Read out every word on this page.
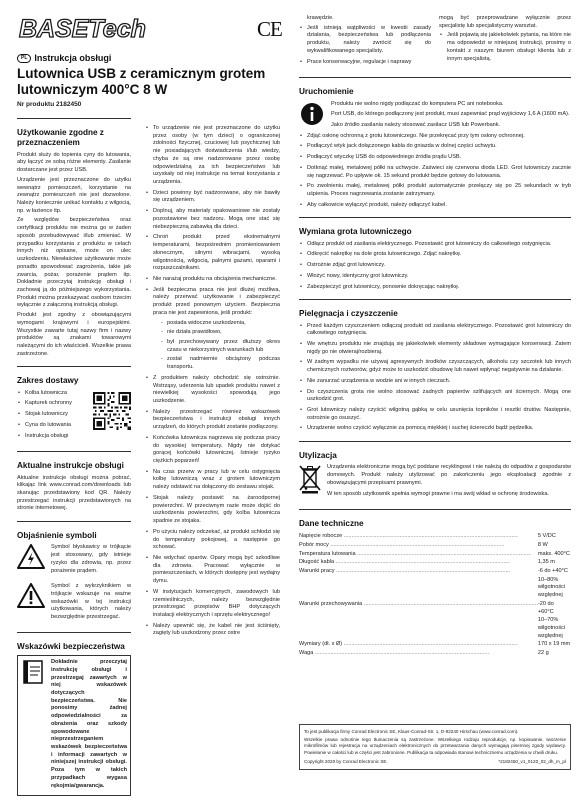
BASETech	CE
PL Instrukcja obsługi
Lutownica USB z ceramicznym grotem lutowniczym 400°C 8 W
Nr produktu 2182450
Użytkowanie zgodne z przeznaczeniem

Produkt służy do topienia cyny do lutowania, aby łączyć ze sobą różne elementy. Zasilanie dostarczane jest przez USB.

Urządzenie jest przeznaczone do użytku wewnątrz pomieszczeń, korzystanie na zewnątrz pomieszczeń nie jest dozwolone. Należy koniecznie unikać kontaktu z wilgocią, np. w łazience itp.

Ze względów bezpieczeństwa oraz certyfikacji produktu nie można go w żaden sposób przebudowywać i/lub zmieniać. W przypadku korzystania z produktu w celach innych niż opisane, może on ulec uszkodzeniu. Niewłaściwe użytkowanie może ponadto spowodować zagrożenia, takie jak zwarcia, pożar, porażenie prądem itp. Dokładnie przeczytaj instrukcję obsługi i zachowaj ją do późniejszego wykorzystania. Produkt można przekazywać osobom trzecim wyłącznie z załączoną instrukcją obsługi.

Produkt jest zgodny z obowiązującymi wymogami krajowymi i europejskimi. Wszystkie zawarte tutaj nazwy firm i nazwy produktów są znakami towarowymi należącymi do ich właścicieli. Wszelkie prawa zastrzeżone.

Zakres dostawy
• Kolba lutownicza
• Kapturek ochronny
• Stojak lutowniczy
• Cyna do lutowania
• Instrukcja obsługi
Aktualne instrukcje obsługi

Aktualne instrukcje obsługi można pobrać, klikając link www.conrad.com/downloads lub skanując przedstawiony kod QR. Należy przestrzegać instrukcji przedstawionych na stronie internetowej.

Objaśnienie symboli

Symbol błyskawicy w trójkącie jest stosowany, gdy istnieje ryzyko dla zdrowia, np. przez porażenie prądem.

Symbol z wykrzyknikiem w trójkącie wskazuje na ważne wskazówki w tej instrukcji użytkowania, których należy bezwzględnie przestrzegać.

Wskazówki bezpieczeństwa

Dokładnie przeczytaj instrukcję obsługi i przestrzegaj zawartych w niej wskazówek dotyczących bezpieczeństwa. Nie ponosimy żadnej odpowiedzialności za obrażenia oraz szkody spowodowane nieprzestrzeganiem wskazówek bezpieczeństwa i informacji zawartych w niniejszej instrukcji obsługi. Poza tym w takich przypadkach wygasa rękojmia/gwarancja.

• To urządzenie nie jest przeznaczone do użytku przez osoby (w tym dzieci) o ograniczonej zdolności fizycznej, czuciowej lub psychicznej lub nie posiadających doświadczenia i/lub wiedzy, chyba że są one nadzorowane przez osobę odpowiedzialną za ich bezpieczeństwo lub uzyskały od niej instrukcje na temat korzystania z urządzenia.
• Dzieci powinny być nadzorowane, aby nie bawiły się urządzeniem.
• Doplnuj, aby materiały opakowaniowe nie zostały pozostawione bez nadzoru. Mogą one stać się niebezpieczną zabawką dla dzieci.
• Chroń produkt przed ekstremalnymi temperaturami, bezpośrednim promieniowaniem słonecznym, silnymi wibracjami, wysoką wilgotnością, wilgocią, palnymi gazami, oparami i rozpuszczalnikami.
• Nie narażaj produktu na obciążenia mechaniczne.
• Jeśli bezpieczna praca nie jest dłużej możliwa, należy przerwać użytkowanie i zabezpieczyć produkt przed ponownym użyciem. Bezpieczna praca nie jest zapewniona, jeśli produkt:
- posiada widoczne uszkodzenia,
- nie działa prawidłowo,
- był przechowywany przez dłuższy okres czasu w niekorzystnych warunkach lub
- został nadmiernie obciążony podczas transportu.
• Z produktem należy obchodzić się ostrożnie. Wstrząsy, uderzenia lub upadek produktu nawet z niewielkiej wysokości spowodują jego uszkodzenie.
• Należy przestrzegać również wskazówek bezpieczeństwa i instrukcji obsługi innych urządzeń, do których produkt zostanie podłączony.
• Końcówka lutownicza nagrzewa się podczas pracy do wysokiej temperatury. Nigdy nie dotykać gorącej końcówki lutowniczej. Istnieje ryzyko ciężkich poparzeń!
• Na czas przerw w pracy lub w celu ostygnięcia kolbę lutowniczą wraz z grotem lutowniczym należy odstawić na dołączony do zestawu stojak.
• Stojak należy postawić na żaroodpornej powierzchni. W przeciwnym razie może dojść do uszkodzenia powierzchni, gdy kolba lutownicza spadnie ze stojaka.
• Po użyciu należy odczekać, aż produkt schłodzi się do temperatury pokojowej, a następnie go schować.
• Nie wdychać oparów. Opary mogą być szkodliwe dla zdrowia. Pracować wyłącznie w pomieszczeniach, w których dostępny jest wydajny dymu.
• W instytucjach komercyjnych, zawodowych lub rzemieślniczych, należy bezwzględnie przestrzegać przepisów BHP dotyczących instalacji elektrycznych i sprzętu elektrycznego!
• Należy upewnić się, że kabel nie jest ściśnięty, zagięty lub uszkodzony przez ostre

krawędzie.

• Jeśli istnieją wątpliwości w kwestii zasady działania, bezpieczeństwa lub podłączenia produktu, należy zwrócić się do wykwalifikowanego specjalisty.
• Prace konserwacyjne, regulacje i naprawy

mogą być przeprowadzane wyłącznie przez specjalistę lub specjalistyczny warsztat.

• Jeśli pojawią się jakiekolwiek pytania, na które nie ma odpowiedzi w niniejszej instrukcji, prosimy o kontakt z naszym biurem obsługi klienta lub z innym specjalistą.
Uruchomienie

Produktu nie wolno nigdy podłączać do komputera PC ani notebooka.

Port USB, do którego podłączony jest produkt, musi zapewniać prąd wyjściowy 1,6 A (1600 mA).

Jako źródło zasilania należy stosować zasilacz USB lub Powerbank.

• Zdjąć osłonę ochronną z grotu lutowniczego. Nie przekręcać przy tym osłony ochronnej.
• Podłączyć wtyk jack dołączonego kabla do gniazda w dolnej części uchwytu.
• Podłączyć wtyczkę USB do odpowiedniego źródła prądu USB.
• Dotknąć małej, metalowej półki na uchwycie. Zaświeci się czerwona dioda LED. Grot lutowniczy zacznie się nagrzewać. Po upływie ok. 15 sekund produkt będzie gotowy do lutowania.
• Po zwolnieniu małej, metalowej półki produkt automatycznie przełączy się po 25 sekundach w tryb uśpienia. Proces nagrzewania zostanie zatrzymany.
• Aby całkowicie wyłączyć produkt, należy odłączyć kabel.
Wymiana grota lutowniczego
• Odłącz produkt od zasilania elektrycznego. Pozostawić grot lutowniczy do całkowitego ostygnięcia.
• Odkręcić nakrętkę na dole grota lutowniczego. Zdjąć nakrętkę.
• Ostrożnie zdjąć grot lutowniczy.
• Włożyć nowy, identyczny grot lutowniczy.
• Zabezpieczyć grot lutowniczy, ponownie dokręcając nakrętkę.
Pielęgnacja i czyszczenie
• Przed każdym czyszczeniem odłączaj produkt od zasilania elektrycznego. Pozostawić grot lutowniczy do całkowitego ostygnięcia.
• We wnętrzu produktu nie znajdują się jakiekolwiek elementy składowe wymagające konserwacji. Zatem nigdy go nie otwieraj/rozbieraj.
• W żadnym wypadku nie używaj agresywnych środków czyszczących, alkoholu czy szczotek lub innych chemicznych roztworów, gdyż może to uszkodzić obudowę lub nawet wpłynąć negatywnie na działanie.
• Nie zanurzać urządzenia w wodzie ani w innych cieczach.
• Do czyszczenia grota nie wolno stosować żadnych papierów szlifujących ani ściernych. Mogą one uszkodzić grot.
• Grot lutowniczy należy czyścić wilgotną gąbką w celu usunięcia topników i resztki drutów. Następnie, ostrożnie go osuszyć.
• Urządzenie wolno czyścić wyłącznie za pomocą miękkiej i suchej ściereczki bądź pędzelka.
Utylizacja

Urządzenia elektroniczne mogą być poddane recyklingowi i nie należą do odpadów z gospodarstw domowych. Produkt należy utylizować po zakończeniu jego eksploatacji zgodnie z obowiązującymi przepisami prawnymi.

W ten sposób użytkownik spełnia wymogi prawne i ma swój wkład w ochronę środowiska.

Dane techniczne
Napięcie robocze .....	5 V/DC
Pobór mocy .....	8 W
Temperatura lutowania .....	maks. 400°C
Długość kabla .....	1,35 m
Warunki pracy .....	-6 do +40°C
	10–80% wilgotności względnej
Warunki przechowywania .....	-20 do +60°C
	10–70% wilgotności względnej
Wymiary (dł. x Ø) .....	170 x 19 mm
Waga .....	22 g

To jest publikacja firmy Conrad Electronic SE, Klaus-Conrad-Str. 1, D-92240 Hirschau (www.conrad.com).

Wszelkie prawa odnośnie tego tłumaczenia są zastrzeżone. Wszelkiego rodzaju reprodukcje, np. kopiowanie, tworzenie mikrofilmów lub rejestracja na urządzeniach elektronicznych do przetwarzania danych wymagają pisemnej zgody wydawcy. Powielanie w całości lub w części jest zabronione. Publikacja ta odpowiada stanowi technicznemu urządzenia w chwili druku.

Copyright 2020 by Conrad Electronic SE.	*2182450_v1_0120_02_dh_m_pl
